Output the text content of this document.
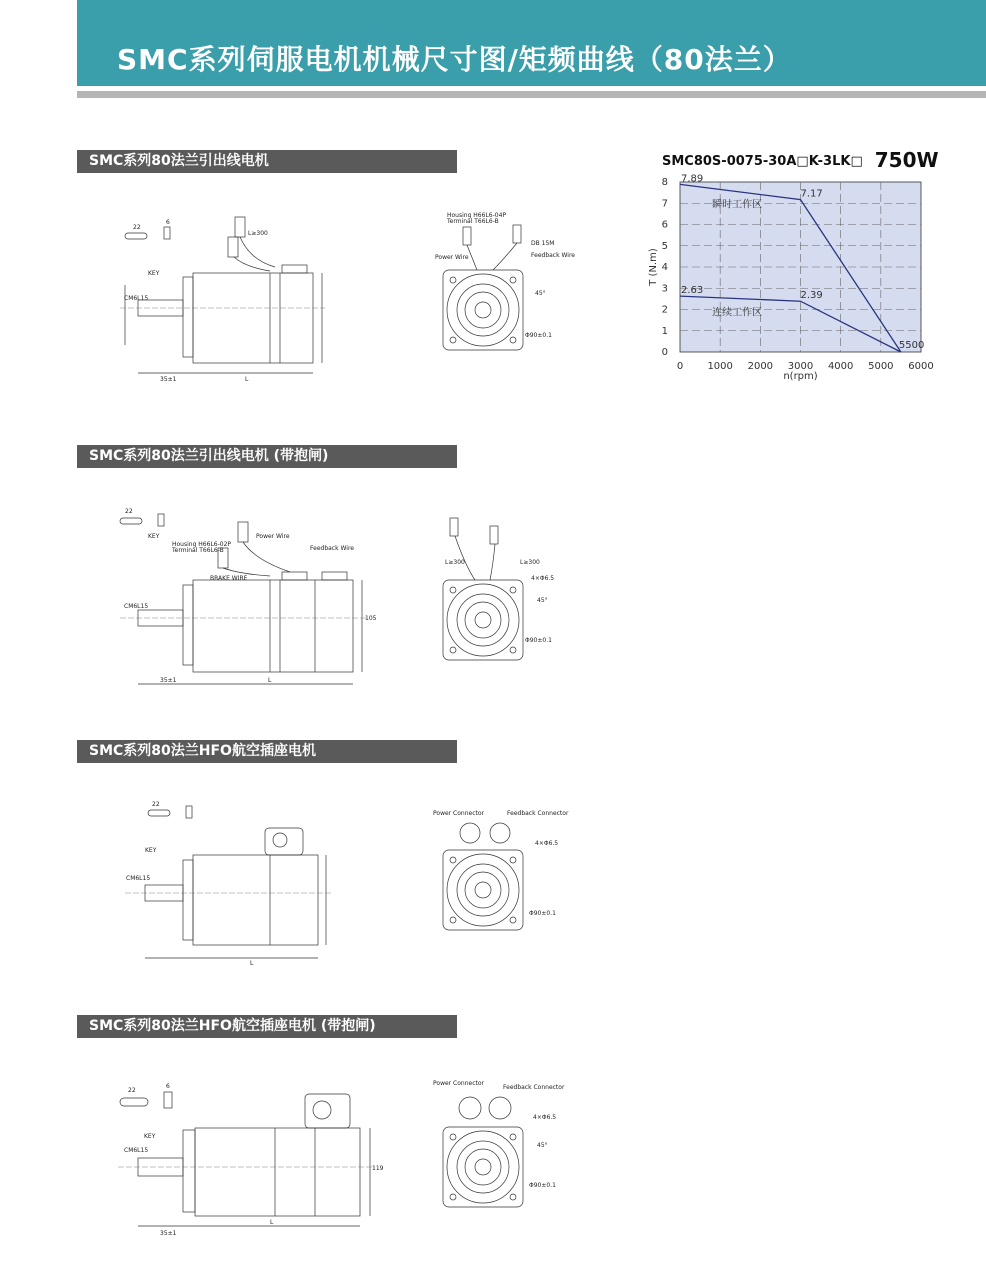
SMC系列伺服电机机械尺寸图/矩频曲线（80法兰）
SMC系列80法兰引出线电机
SMC系列80法兰引出线电机 (带抱闸)
SMC系列80法兰HFO航空插座电机
SMC系列80法兰HFO航空插座电机 (带抱闸)
22
6
KEY
CM6L15
L≥300
L
35±1
Housing H66L6-04P
Terminal T66L6-B
Power Wire
DB 15M
Feedback Wire
45°
Φ90±0.1
22
KEY
Housing H66L6-02P
Terminal T66L6-B
BRAKE WIRE
Power Wire
Feedback Wire
CM6L15
105
L
35±1
L≥300	L≥300
4×Φ6.5
45°
Φ90±0.1
22
KEY
CM6L15
L
Power Connector	Feedback Connector
4×Φ6.5
Φ90±0.1
22
6
KEY
CM6L15
119
L
35±1
Power Connector
Feedback Connector
4×Φ6.5
45°
Φ90±0.1
SMC80S-0075-30A□K-3LK□ 750W
0
1
2
3
4
5
6
7
8
0 1000 2000 3000 4000 5000 6000
n(rpm)
T (N.m)
7.89
7.17
2.63	2.39
5500
瞬时工作区
连续工作区
